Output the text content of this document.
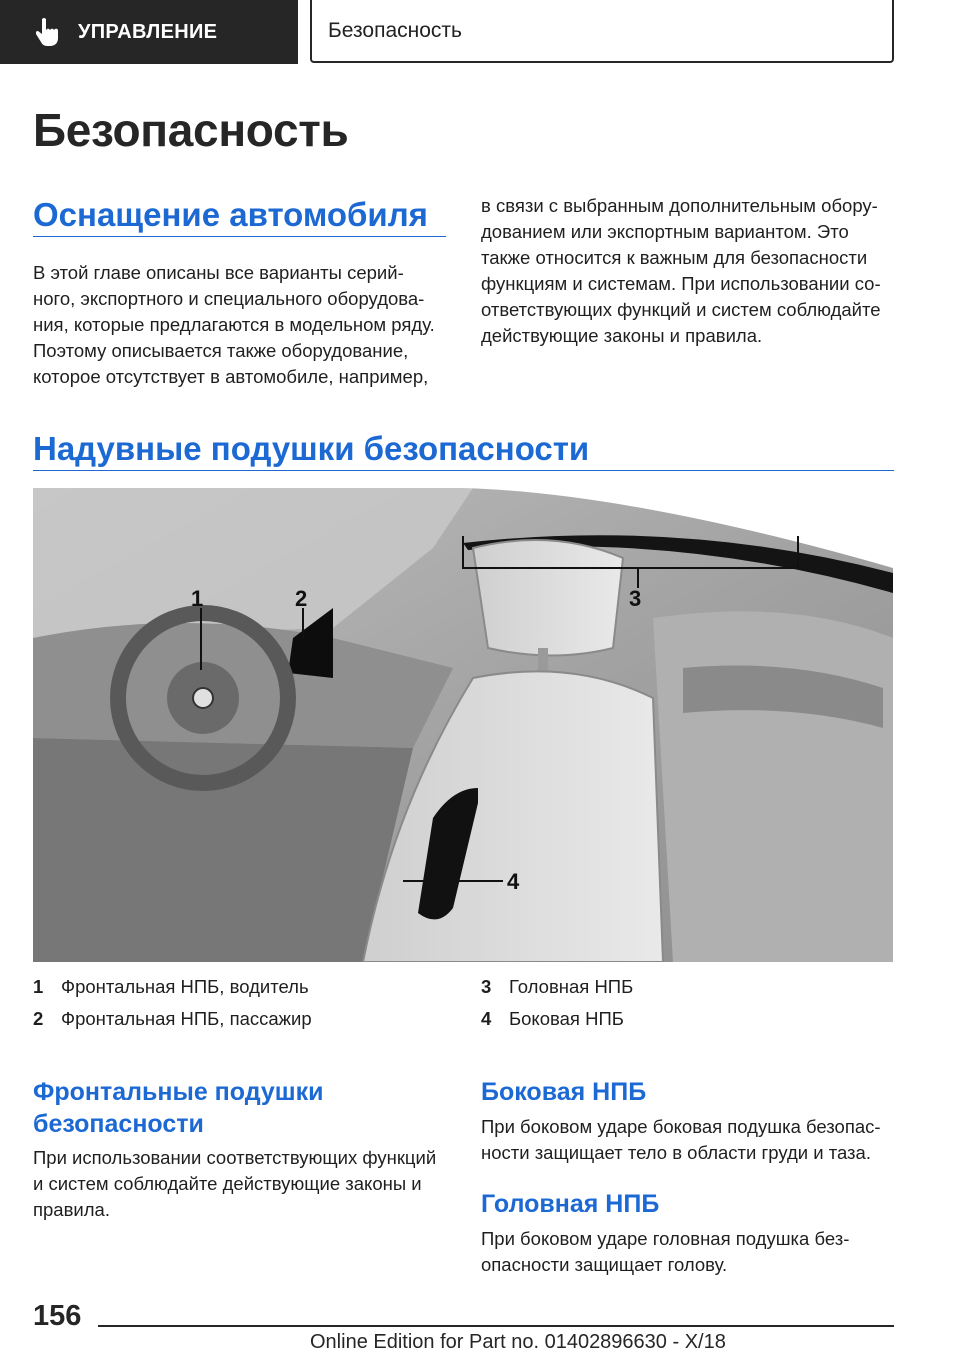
УПРАВЛЕНИЕ	Безопасность
Безопасность
Оснащение автомобиля
В этой главе описаны все варианты серий‐
ного, экспортного и специального оборудова‐
ния, которые предлагаются в модельном ряду.
Поэтому описывается также оборудование,
которое отсутствует в автомобиле, например,
в связи с выбранным дополнительным обору‐
дованием или экспортным вариантом. Это
также относится к важным для безопасности
функциям и системам. При использовании со‐
ответствующих функций и систем соблюдайте
действующие законы и правила.
Надувные подушки безопасности
1	2	3
4
1 Фронтальная НПБ, водитель
2 Фронтальная НПБ, пассажир
3 Головная НПБ
4 Боковая НПБ
Фронтальные подушки
безопасности
При использовании соответствующих функций
и систем соблюдайте действующие законы и
правила.
Боковая НПБ
При боковом ударе боковая подушка безопас‐
ности защищает тело в области груди и таза.
Головная НПБ
При боковом ударе головная подушка без‐
опасности защищает голову.
156
Online Edition for Part no. 01402896630 - X/18
